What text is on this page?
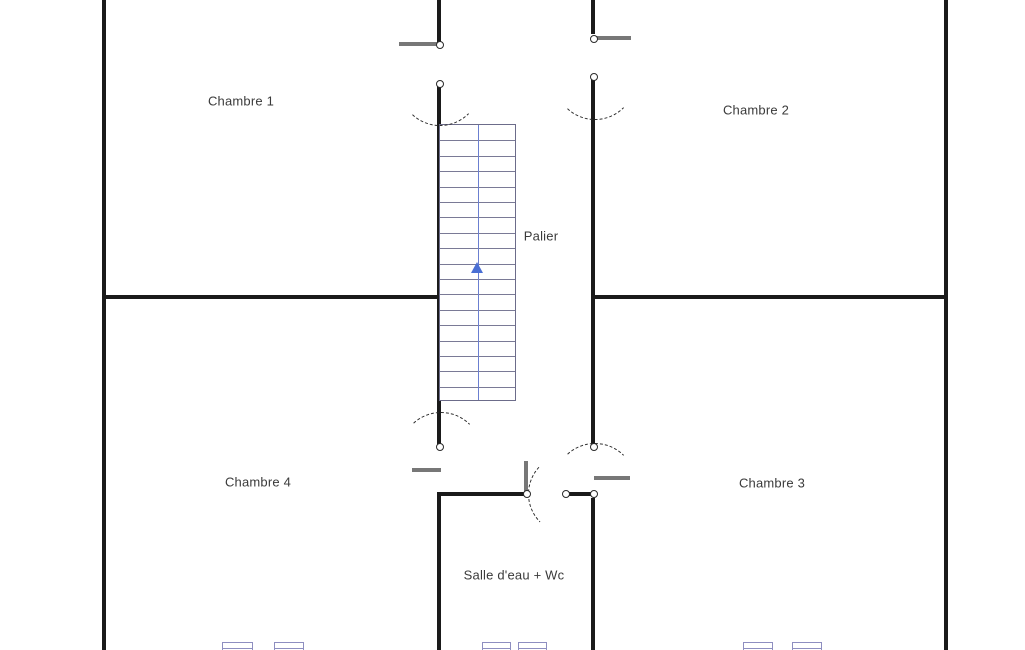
Chambre 1
Chambre 2
Palier
Chambre 4	Chambre 3
Salle d'eau + Wc
